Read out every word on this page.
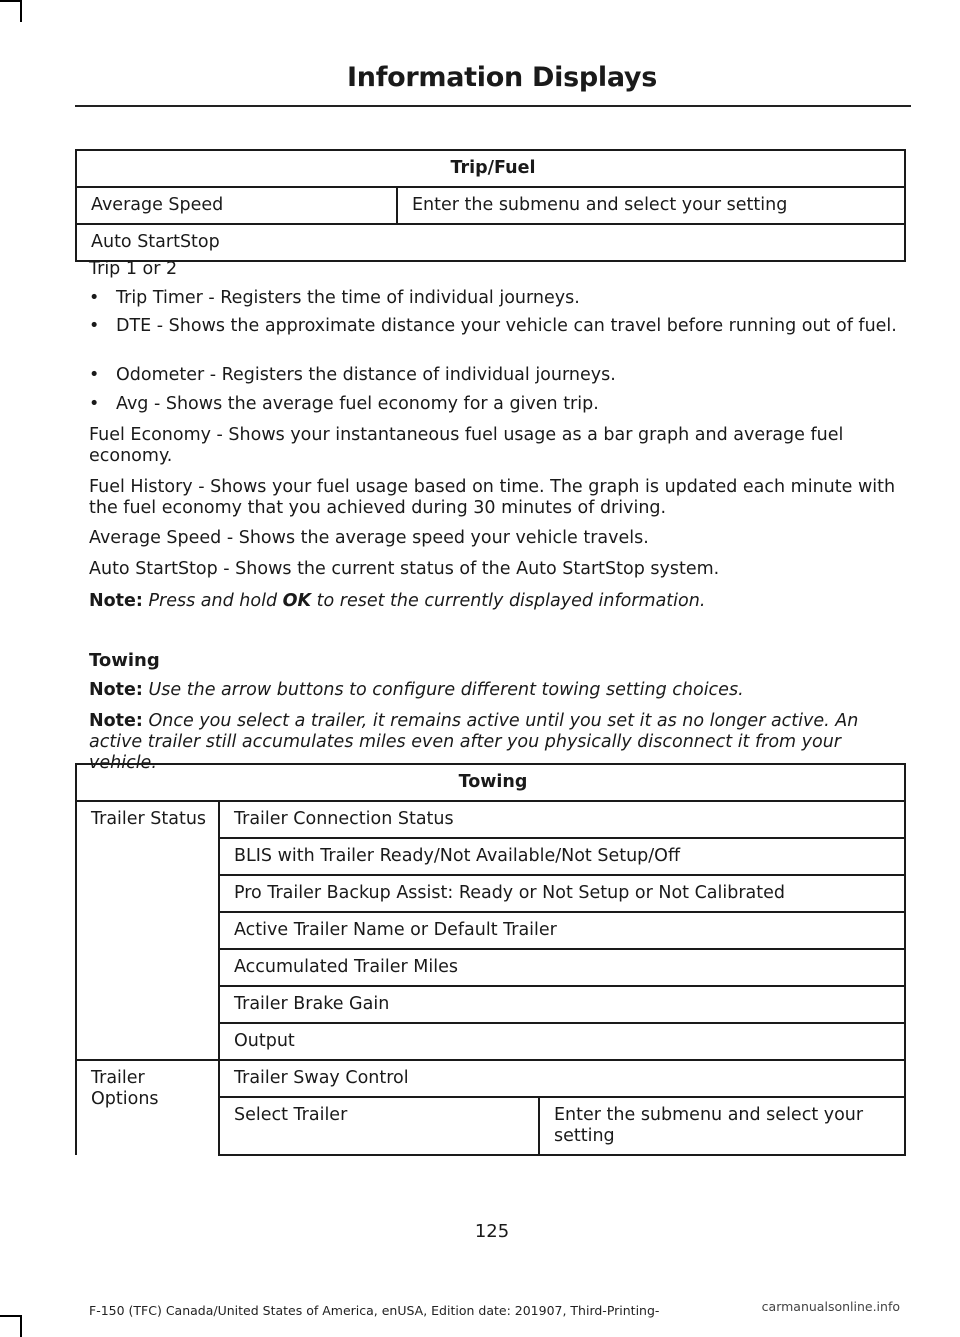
Information Displays
Trip/Fuel
Average Speed	Enter the submenu and select your setting
Auto StartStop
Trip 1 or 2
• Trip Timer - Registers the time of individual journeys.
• DTE - Shows the approximate distance your vehicle can travel before running out of fuel.
• Odometer - Registers the distance of individual journeys.
• Avg - Shows the average fuel economy for a given trip.
Fuel Economy - Shows your instantaneous fuel usage as a bar graph and average fuel economy.
Fuel History - Shows your fuel usage based on time. The graph is updated each minute with the fuel economy that you achieved during 30 minutes of driving.
Average Speed - Shows the average speed your vehicle travels.
Auto StartStop - Shows the current status of the Auto StartStop system.
Note: Press and hold OK to reset the currently displayed information.
Towing
Note: Use the arrow buttons to configure different towing setting choices.
Note: Once you select a trailer, it remains active until you set it as no longer active. An active trailer still accumulates miles even after you physically disconnect it from your vehicle.
Towing		
Trailer Status	Trailer Connection Status	
	BLIS with Trailer Ready/Not Available/Not Setup/Off	
	Pro Trailer Backup Assist: Ready or Not Setup or Not Calibrated	
	Active Trailer Name or Default Trailer	
	Accumulated Trailer Miles	
	Trailer Brake Gain	
	Output	
Trailer Options	Trailer Sway Control	
	Select Trailer	Enter the submenu and select your setting
125
F-150 (TFC) Canada/United States of America, enUSA, Edition date: 201907, Third-Printing-	carmanualsonline.info
